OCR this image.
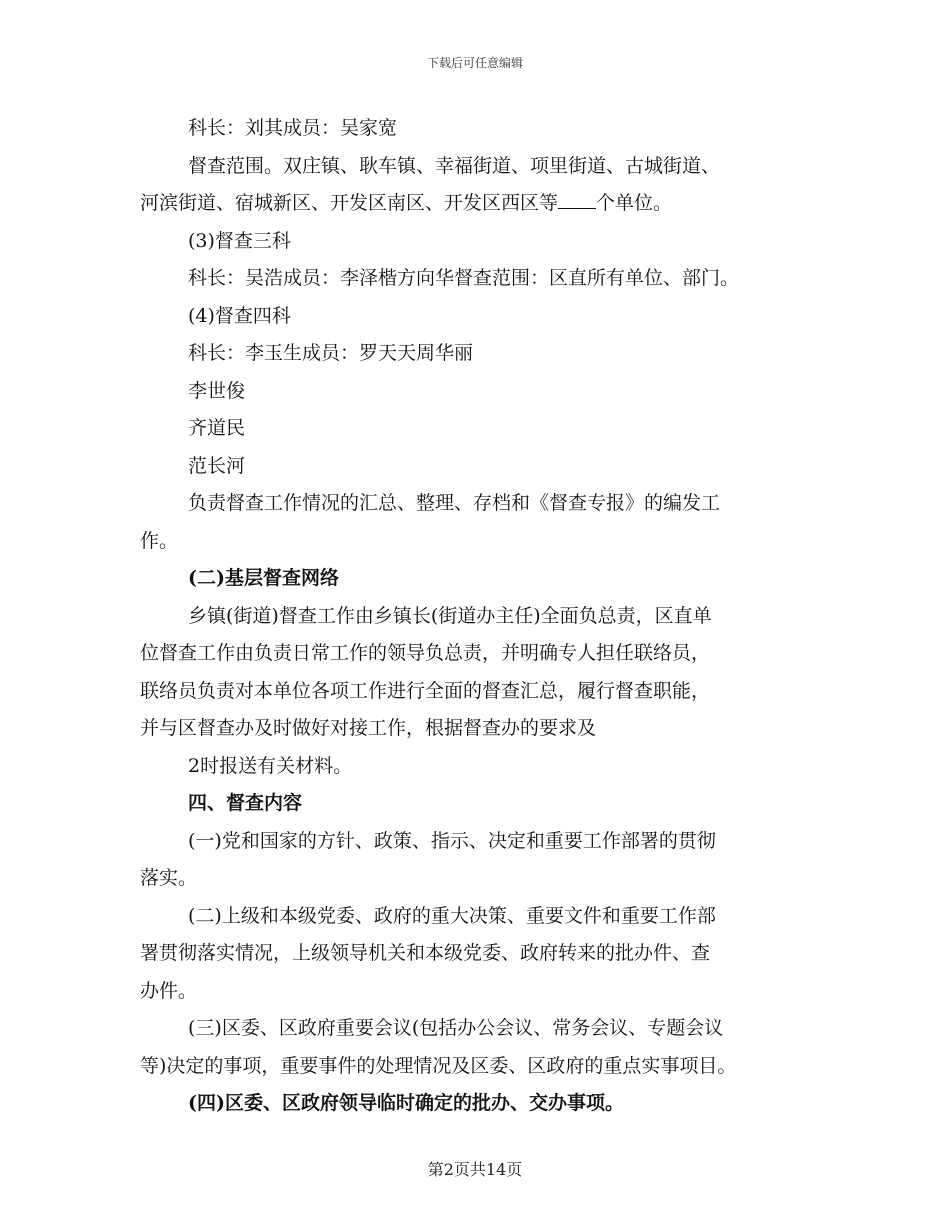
下载后可任意编辑

科长：刘其成员：吴家宽

督查范围。双庄镇、耿车镇、幸福街道、项里街道、古城街道、

河滨街道、宿城新区、开发区南区、开发区西区等 个单位。

(3)督查三科

科长：吴浩成员：李泽楷方向华督查范围：区直所有单位、部门。

(4)督查四科

科长：李玉生成员：罗天天周华丽

李世俊

齐道民

范长河

负责督查工作情况的汇总、整理、存档和《督查专报》的编发工

作。

(二)基层督查网络

乡镇(街道)督查工作由乡镇长(街道办主任)全面负总责，区直单

位督查工作由负责日常工作的领导负总责，并明确专人担任联络员，

联络员负责对本单位各项工作进行全面的督查汇总，履行督查职能，

并与区督查办及时做好对接工作，根据督查办的要求及

2时报送有关材料。

四、督查内容

(一)党和国家的方针、政策、指示、决定和重要工作部署的贯彻

落实。

(二)上级和本级党委、政府的重大决策、重要文件和重要工作部

署贯彻落实情况，上级领导机关和本级党委、政府转来的批办件、查

办件。

(三)区委、区政府重要会议(包括办公会议、常务会议、专题会议

等)决定的事项，重要事件的处理情况及区委、区政府的重点实事项目。

(四)区委、区政府领导临时确定的批办、交办事项。

第2页共14页
